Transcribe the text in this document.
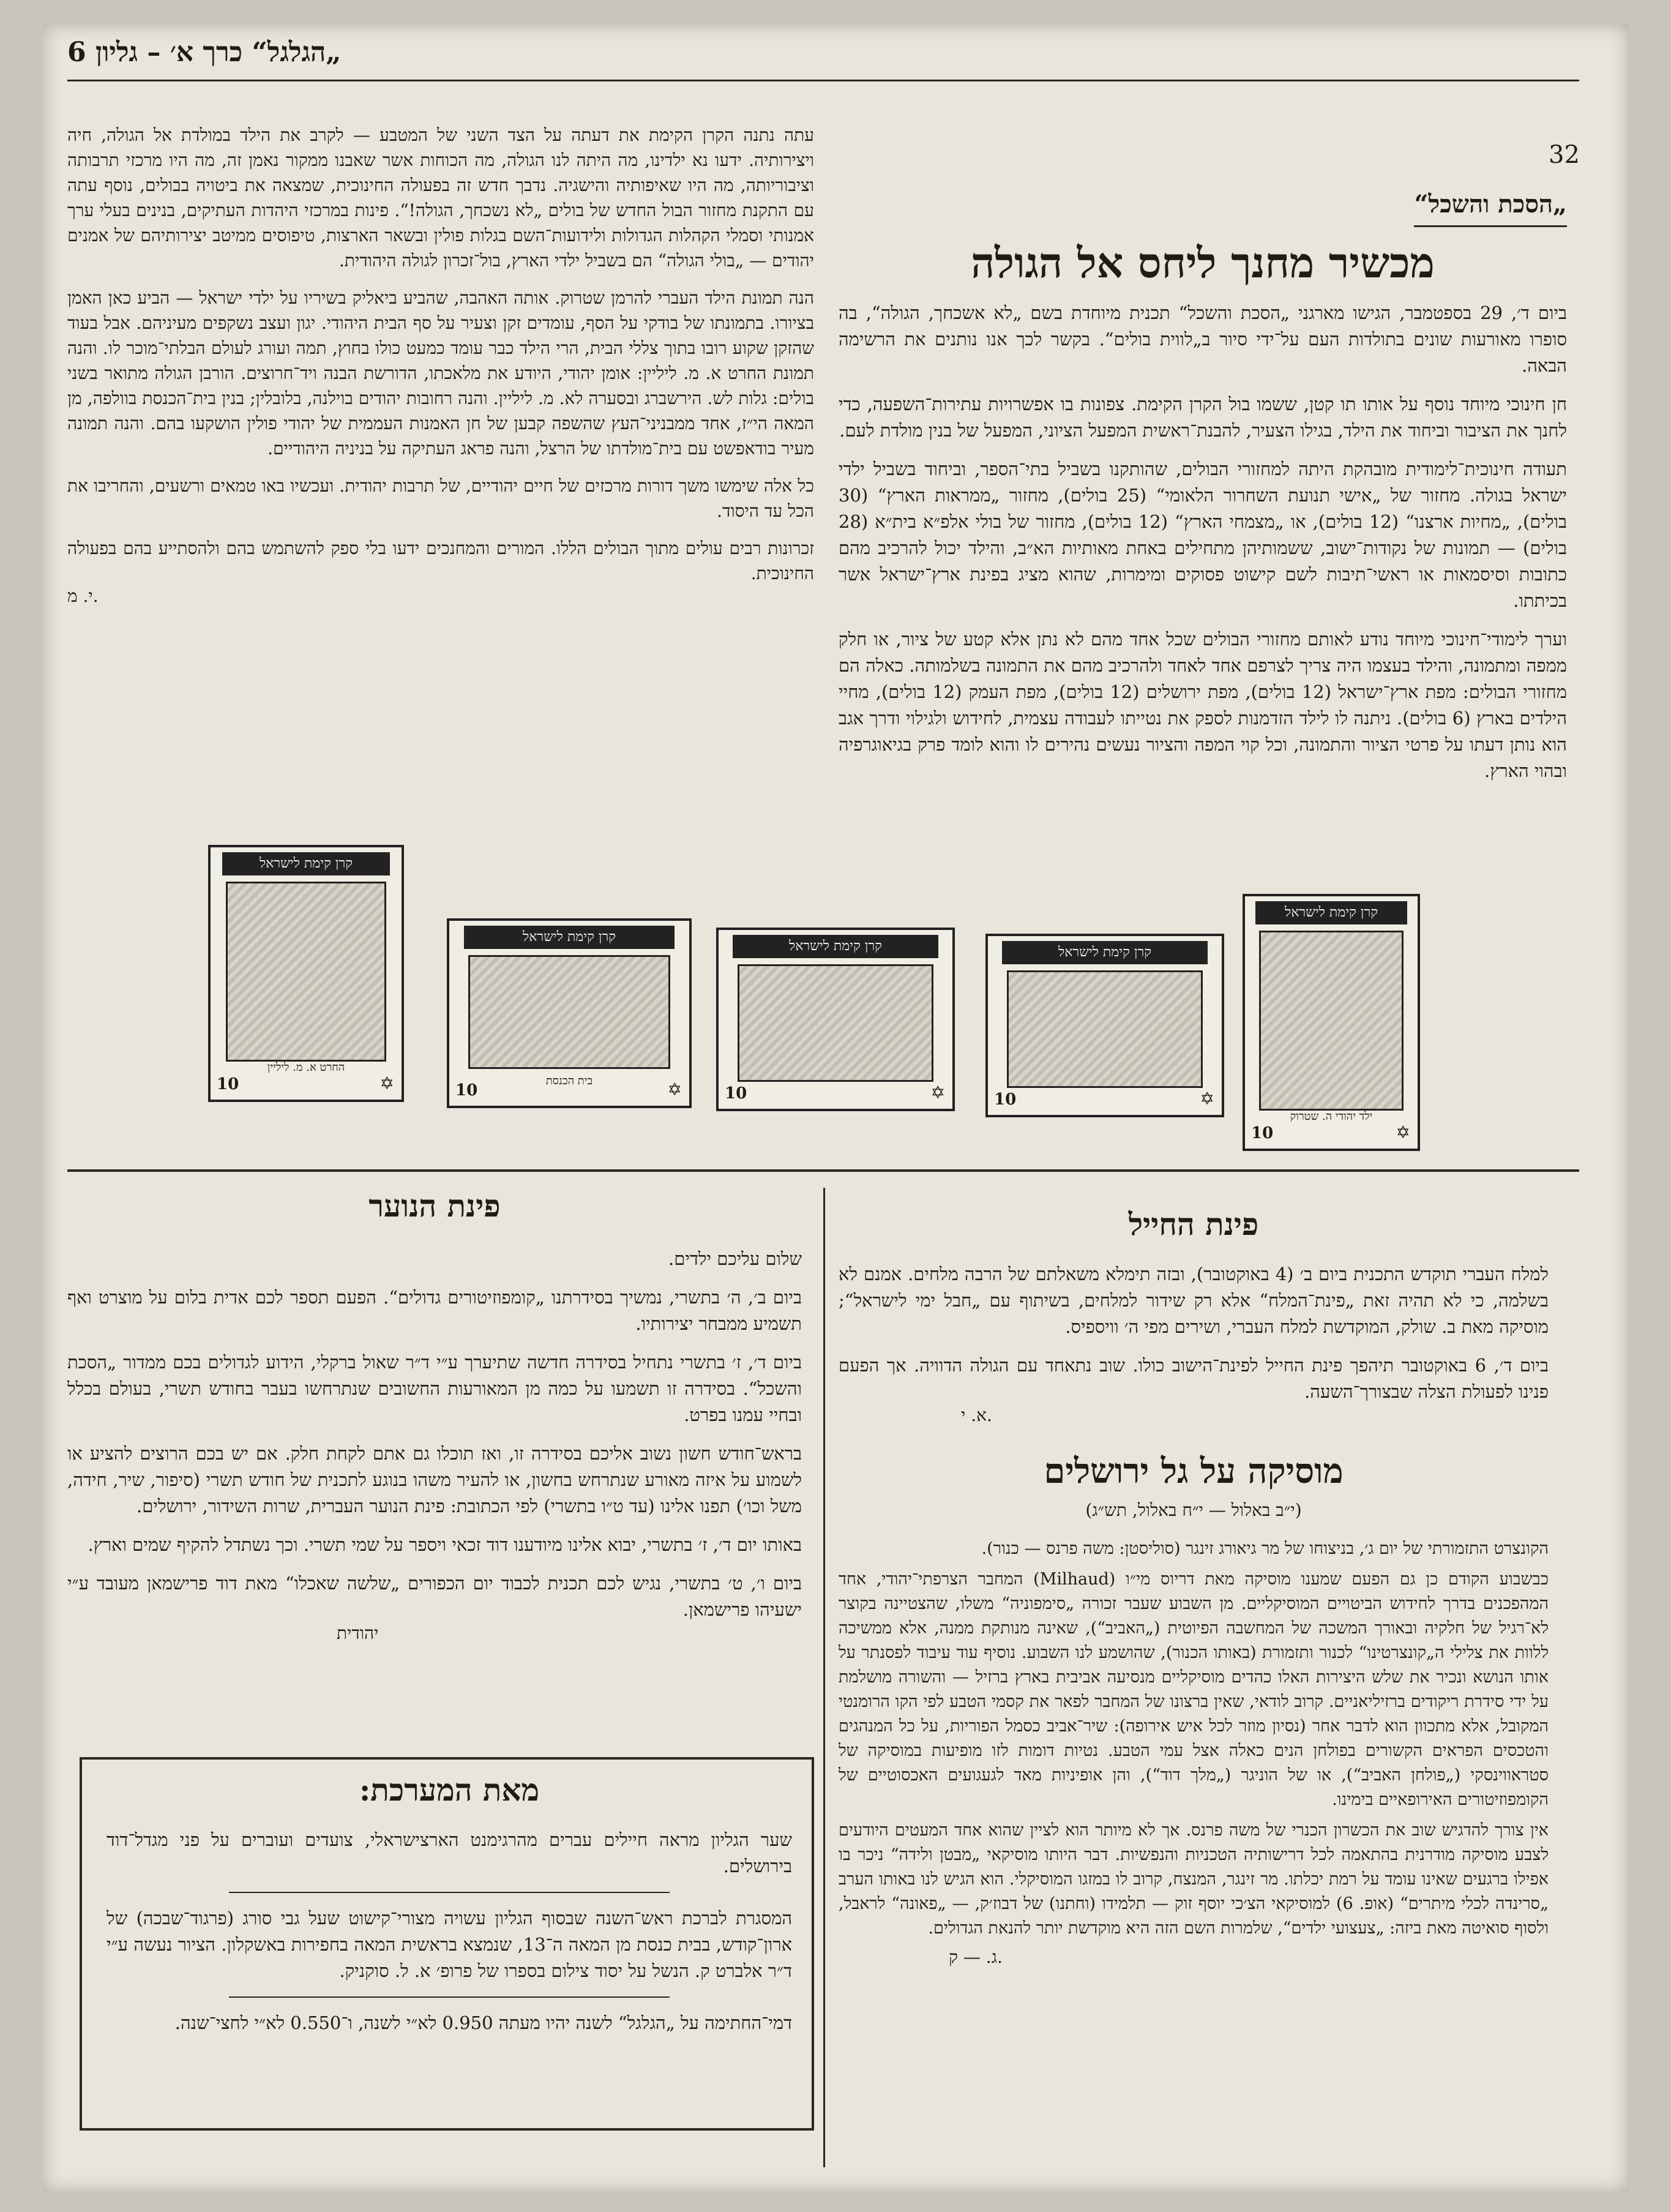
„הגלגל“ כרך א׳ – גליון 6
32
„הסכת והשכל“
מכשיר מחנך ליחס אל הגולה

ביום ד׳, 29 בספטמבר, הגישו מארגני „הסכת והשכל“ תכנית מיוחדת בשם „לא אשכחך, הגולה“, בה סופרו מאורעות שונים בתולדות העם על־ידי סיור ב„לווית בולים“. בקשר לכך אנו נותנים את הרשימה הבאה.

חן חינוכי מיוחד נוסף על אותו תו קטן, ששמו בול הקרן הקימת. צפונות בו אפשרויות עתירות־השפעה, כדי לחנך את הציבור וביחוד את הילד, בגילו הצעיר, להבנת־ראשית המפעל הציוני, המפעל של בנין מולדת לעם.

תעודה חינוכית־לימודית מובהקת היתה למחזורי הבולים, שהותקנו בשביל בתי־הספר, וביחוד בשביל ילדי ישראל בגולה. מחזור של „אישי תנועת השחרור הלאומי“ (25 בולים), מחזור „ממראות הארץ“ (30 בולים), „מחיות ארצנו“ (12 בולים), או „מצמחי הארץ“ (12 בולים), מחזור של בולי אלפ״א בית״א (28 בולים) — תמונות של נקודות־ישוב, ששמותיהן מתחילים באחת מאותיות הא״ב, והילד יכול להרכיב מהם כתובות וסיסמאות או ראשי־תיבות לשם קישוט פסוקים ומימרות, שהוא מציג בפינת ארץ־ישראל אשר בכיתתו.

וערך לימודי־חינוכי מיוחד נודע לאותם מחזורי הבולים שכל אחד מהם לא נתן אלא קטע של ציור, או חלק ממפה ומתמונה, והילד בעצמו היה צריך לצרפם אחד לאחד ולהרכיב מהם את התמונה בשלמותה. כאלה הם מחזורי הבולים: מפת ארץ־ישראל (12 בולים), מפת ירושלים (12 בולים), מפת העמק (12 בולים), מחיי הילדים בארץ (6 בולים). ניתנה לו לילד הזדמנות לספק את נטייתו לעבודה עצמית, לחידוש ולגילוי ודרך אגב הוא נותן דעתו על פרטי הציור והתמונה, וכל קוי המפה והציור נעשים נהירים לו והוא לומד פרק בגיאוגרפיה ובהוי הארץ.

עתה נתנה הקרן הקימת את דעתה על הצד השני של המטבע — לקרב את הילד במולדת אל הגולה, חיה ויצירותיה. ידעו נא ילדינו, מה היתה לנו הגולה, מה הכוחות אשר שאבנו ממקור נאמן זה, מה היו מרכזי תרבותה וציבוריותה, מה היו שאיפותיה והישגיה. נדבך חדש זה בפעולה החינוכית, שמצאה את ביטויה בבולים, נוסף עתה עם התקנת מחזור הבול החדש של בולים „לא נשכחך, הגולה!“. פינות במרכזי היהדות העתיקים, בנינים בעלי ערך אמנותי וסמלי הקהלות הגדולות ולידועות־השם בגלות פולין ובשאר הארצות, טיפוסים ממיטב יצירותיהם של אמנים יהודים — „בולי הגולה“ הם בשביל ילדי הארץ, בול־זכרון לגולה היהודית.

הנה תמונת הילד העברי להרמן שטרוק. אותה האהבה, שהביע ביאליק בשיריו על ילדי ישראל — הביע כאן האמן בציורו. בתמונתו של בודקי על הסף, עומדים זקן וצעיר על סף הבית היהודי. יגון ועצב נשקפים מעיניהם. אבל בעוד שהזקן שקוע רובו בתוך צללי הבית, הרי הילד כבר עומד כמעט כולו בחוץ, תמה ועורג לעולם הבלתי־מוכר לו. והנה תמונת החרט א. מ. ליליין: אומן יהודי, היודע את מלאכתו, הדורשת הבנה ויד־חרוצים. הורבן הגולה מתואר בשני בולים: גלות לש. הירשברג ובסערה לא. מ. ליליין. והנה רחובות יהודים בוילנה, בלובלין; בנין בית־הכנסת בוולפה, מן המאה הי״ז, אחד ממבניני־העץ שהשפה קבען של חן האמנות העממית של יהודי פולין הושקעו בהם. והנה תמונה מעיר בודאפשט עם בית־מולדתו של הרצל, והנה פראג העתיקה על בניניה היהודיים.

כל אלה שימשו משך דורות מרכזים של חיים יהודיים, של תרבות יהודית. ועכשיו באו טמאים ורשעים, והחריבו את הכל עד היסוד.

זכרונות רבים עולים מתוך הבולים הללו. המורים והמחנכים ידעו בלי ספק להשתמש בהם ולהסתייע בהם בפעולה החינוכית.

י. מ.
קרן קימת לישראל
ילד יהודי ה. שטרוק
10	✡
קרן קימת לישראל
10	✡
קרן קימת לישראל
10	✡
קרן קימת לישראל
בית הכנסת
10	✡
קרן קימת לישראל
החרט א. מ. ליליין
10	✡
פינת החייל

למלח העברי תוקדש התכנית ביום ב׳ (4 באוקטובר), ובזה תימלא משאלתם של הרבה מלחים. אמנם לא בשלמה, כי לא תהיה זאת „פינת־המלח“ אלא רק שידור למלחים, בשיתוף עם „חבל ימי לישראל“; מוסיקה מאת ב. שולק, המוקדשת למלח העברי, ושירים מפי ה׳ וויספיס.

ביום ד׳, 6 באוקטובר תיהפך פינת החייל לפינת־הישוב כולו. שוב נתאחד עם הגולה הדוויה. אך הפעם פנינו לפעולת הצלה שבצורך־השעה.

א. י.
מוסיקה על גל ירושלים
(י״ב באלול — י״ח באלול, תש״ג)

הקונצרט התזמורתי של יום ג׳, בניצוחו של מר גיאורג זינגר (סוליסטן: משה פרנס — כנור).

כבשבוע הקודם כן גם הפעם שמענו מוסיקה מאת דריוס מי״ו (Milhaud) המחבר הצרפתי־יהודי, אחד המהפכנים בדרך לחידוש הביטויים המוסיקליים. מן השבוע שעבר זכורה „סימפוניה“ משלו, שהצטיינה בקוצר לא־רגיל של חלקיה ובאורך המשכה של המחשבה הפיוטית („האביב“), שאינה מנותקת ממנה, אלא ממשיכה ללוות את צלילי ה„קונצרטינו“ לכנור ותזמורת (באותו הכנור), שהושמע לנו השבוע. נוסיף עוד עיבוד לפסנתר על אותו הנושא ונכיר את שלש היצירות האלו כהדים מוסיקליים מנסיעה אביבית בארץ ברזיל — והשורה מושלמת על ידי סידרת ריקודים ברזיליאניים. קרוב לודאי, שאין ברצונו של המחבר לפאר את קסמי הטבע לפי הקו הרומנטי המקובל, אלא מתכוון הוא לדבר אחר (נסיון מוזר לכל איש אירופה): שיר־אביב כסמל הפוריות, על כל המנהגים והטכסים הפראים הקשורים בפולחן הנים כאלה אצל עמי הטבע. נטיות דומות לזו מופיעות במוסיקה של סטראווינסקי („פולחן האביב“), או של הוניגר („מלך דוד“), והן אופיניות מאד לגעגועים האכסוטיים של הקומפוזיטורים האירופאיים בימינו.

אין צורך להדגיש שוב את הכשרון הכנרי של משה פרנס. אך לא מיותר הוא לציין שהוא אחד המעטים היודעים לצבע מוסיקה מודרנית בהתאמה לכל דרישותיה הטכניות והנפשיות. דבר היותו מוסיקאי „מבטן ולידה“ ניכר בו אפילו ברגעים שאינו עומד על רמת יכלתו. מר זינגר, המנצח, קרוב לו במזגו המוסיקלי. הוא הגיש לנו באותו הערב „סרינדה לכלי מיתרים“ (אופ. 6) למוסיקאי הצ׳כי יוסף זוק — תלמידו (וחתנו) של דבוז׳ק, — „פאונה“ לראבל, ולסוף סואיטה מאת ביזה: „צעצועי ילדים“, שלמרות השם הזה היא מוקדשת יותר להנאת הגדולים.

ג. — ק.
פינת הנוער

שלום עליכם ילדים.

ביום ב׳, ה׳ בתשרי, נמשיך בסידרתנו „קומפוזיטורים גדולים“. הפעם תספר לכם אדית בלום על מוצרט ואף תשמיע ממבחר יצירותיו.

ביום ד׳, ז׳ בתשרי נתחיל בסידרה חדשה שתיערך ע״י ד״ר שאול ברקלי, הידוע לגדולים בכם ממדור „הסכת והשכל“. בסידרה זו תשמעו על כמה מן המאורעות החשובים שנתרחשו בעבר בחודש תשרי, בעולם בכלל ובחיי עמנו בפרט.

בראש־חודש חשון נשוב אליכם בסידרה זו, ואז תוכלו גם אתם לקחת חלק. אם יש בכם הרוצים להציע או לשמוע על איזה מאורע שנתרחש בחשון, או להעיר משהו בנוגע לתכנית של חודש תשרי (סיפור, שיר, חידה, משל וכו׳) תפנו אלינו (עד ט״ו בתשרי) לפי הכתובת: פינת הנוער העברית, שרות השידור, ירושלים.

באותו יום ד׳, ז׳ בתשרי, יבוא אלינו מיודענו דוד זכאי ויספר על שמי תשרי. וכך נשתדל להקיף שמים וארץ.

ביום ו׳, ט׳ בתשרי, נגיש לכם תכנית לכבוד יום הכפורים „שלשה שאכלו“ מאת דוד פרישמאן מעובד ע״י ישעיהו פרישמאן.

יהודית
מאת המערכת:

שער הגליון מראה חיילים עברים מהרגימנט הארצישראלי, צועדים ועוברים על פני מגדל־דוד בירושלים.

המסגרת לברכת ראש־השנה שבסוף הגליון עשויה מצורי־קישוט שעל גבי סורג (פרגוד־שבכה) של ארון־קודש, בבית כנסת מן המאה ה־13, שנמצא בראשית המאה בחפירות באשקלון. הציור נעשה ע״י ד״ר אלברט ק. הנשל על יסוד צילום בספרו של פרופ׳ א. ל. סוקניק.

דמי־החתימה על „הגלגל“ לשנה יהיו מעתה 0.950 לא״י לשנה, ו־0.550 לא״י לחצי־שנה.
